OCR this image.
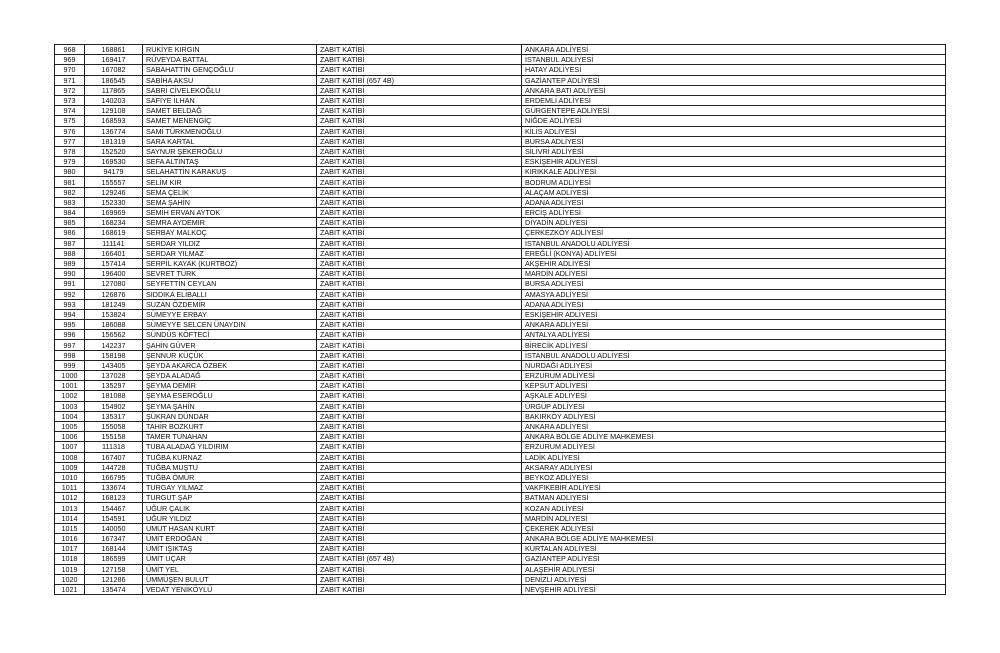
968	168861	RUKİYE KIRGIN	ZABIT KATİBİ	ANKARA ADLİYESİ
969	169417	RÜVEYDA BATTAL	ZABIT KATİBİ	İSTANBUL ADLİYESİ
970	167082	SABAHATTİN GENÇOĞLU	ZABIT KATİBİ	HATAY ADLİYESİ
971	186545	SABİHA AKSU	ZABIT KATİBİ (657 4B)	GAZİANTEP ADLİYESİ
972	117865	SABRİ CİVELEKOĞLU	ZABIT KATİBİ	ANKARA BATI ADLİYESİ
973	140203	SAFİYE İLHAN	ZABIT KATİBİ	ERDEMLİ ADLİYESİ
974	129108	SAMET BELDAĞ	ZABIT KATİBİ	GÜRGENTEPE ADLİYESİ
975	168593	SAMET MENENGİÇ	ZABIT KATİBİ	NİĞDE ADLİYESİ
976	136774	SAMİ TÜRKMENOĞLU	ZABIT KATİBİ	KİLİS ADLİYESİ
977	181319	SARA KARTAL	ZABIT KATİBİ	BURSA ADLİYESİ
978	152520	SAYNUR ŞEKEROĞLU	ZABIT KATİBİ	SİLİVRİ ADLİYESİ
979	169530	SEFA ALTINTAŞ	ZABIT KATİBİ	ESKİŞEHİR ADLİYESİ
980	94179	SELAHATTİN KARAKUŞ	ZABIT KATİBİ	KIRIKKALE ADLİYESİ
981	155557	SELİM KIR	ZABIT KATİBİ	BODRUM ADLİYESİ
982	129246	SEMA ÇELİK	ZABIT KATİBİ	ALAÇAM ADLİYESİ
983	152330	SEMA ŞAHİN	ZABIT KATİBİ	ADANA ADLİYESİ
984	169969	SEMİH ERVAN AYTOK	ZABIT KATİBİ	ERCİŞ ADLİYESİ
985	168234	SEMRA AYDEMİR	ZABIT KATİBİ	DİYADİN ADLİYESİ
986	168619	SERBAY MALKOÇ	ZABIT KATİBİ	ÇERKEZKÖY ADLİYESİ
987	111141	SERDAR YILDIZ	ZABIT KATİBİ	İSTANBUL ANADOLU ADLİYESİ
988	166401	SERDAR YILMAZ	ZABIT KATİBİ	EREĞLİ (KONYA) ADLİYESİ
989	157414	SERPİL KAYAK (KURTBOZ)	ZABIT KATİBİ	AKŞEHİR ADLİYESİ
990	196400	SEVRET TÜRK	ZABIT KATİBİ	MARDİN ADLİYESİ
991	127080	SEYFETTİN CEYLAN	ZABIT KATİBİ	BURSA ADLİYESİ
992	126876	SIDDIKA ELİBALLI	ZABIT KATİBİ	AMASYA ADLİYESİ
993	181249	SUZAN ÖZDEMİR	ZABIT KATİBİ	ADANA ADLİYESİ
994	153824	SÜMEYYE ERBAY	ZABIT KATİBİ	ESKİŞEHİR ADLİYESİ
995	186088	SÜMEYYE SELCEN ÜNAYDIN	ZABIT KATİBİ	ANKARA ADLİYESİ
996	156562	SÜNDÜS KÖFTECİ	ZABIT KATİBİ	ANTALYA ADLİYESİ
997	142237	ŞAHİN GÜVER	ZABIT KATİBİ	BİRECİK ADLİYESİ
998	158198	ŞENNUR KÜÇÜK	ZABIT KATİBİ	İSTANBUL ANADOLU ADLİYESİ
999	143405	ŞEYDA AKARCA ÖZBEK	ZABIT KATİBİ	NURDAĞI ADLİYESİ
1000	137028	ŞEYDA ALADAĞ	ZABIT KATİBİ	ERZURUM ADLİYESİ
1001	135297	ŞEYMA DEMİR	ZABIT KATİBİ	KEPSUT ADLİYESİ
1002	181088	ŞEYMA ESEROĞLU	ZABIT KATİBİ	AŞKALE ADLİYESİ
1003	154902	ŞEYMA ŞAHİN	ZABIT KATİBİ	ÜRGÜP ADLİYESİ
1004	135317	ŞÜKRAN DÜNDAR	ZABIT KATİBİ	BAKIRKÖY ADLİYESİ
1005	155058	TAHİR BOZKURT	ZABIT KATİBİ	ANKARA ADLİYESİ
1006	155158	TAMER TUNAHAN	ZABIT KATİBİ	ANKARA BÖLGE ADLİYE MAHKEMESİ
1007	111318	TUBA ALADAĞ YILDIRIM	ZABIT KATİBİ	ERZURUM ADLİYESİ
1008	167407	TUĞBA KURNAZ	ZABIT KATİBİ	LADİK ADLİYESİ
1009	144728	TUĞBA MUŞTU	ZABIT KATİBİ	AKSARAY ADLİYESİ
1010	166795	TUĞBA ÖMÜR	ZABIT KATİBİ	BEYKOZ ADLİYESİ
1011	133674	TURGAY YILMAZ	ZABIT KATİBİ	VAKFIKEBİR ADLİYESİ
1012	168123	TURGUT ŞAP	ZABIT KATİBİ	BATMAN ADLİYESİ
1013	154467	UĞUR ÇALIK	ZABIT KATİBİ	KOZAN ADLİYESİ
1014	154591	UĞUR YILDIZ	ZABIT KATİBİ	MARDİN ADLİYESİ
1015	140050	UMUT HASAN KURT	ZABIT KATİBİ	ÇEKEREK ADLİYESİ
1016	167347	ÜMİT ERDOĞAN	ZABIT KATİBİ	ANKARA BÖLGE ADLİYE MAHKEMESİ
1017	168144	ÜMİT IŞIKTAŞ	ZABIT KATİBİ	KURTALAN ADLİYESİ
1018	186599	ÜMİT UÇAR	ZABIT KATİBİ (657 4B)	GAZİANTEP ADLİYESİ
1019	127158	ÜMİT YEL	ZABIT KATİBİ	ALAŞEHİR ADLİYESİ
1020	121286	ÜMMÜŞEN BULUT	ZABIT KATİBİ	DENİZLİ ADLİYESİ
1021	135474	VEDAT YENİKÖYLÜ	ZABIT KATİBİ	NEVŞEHİR ADLİYESİ
